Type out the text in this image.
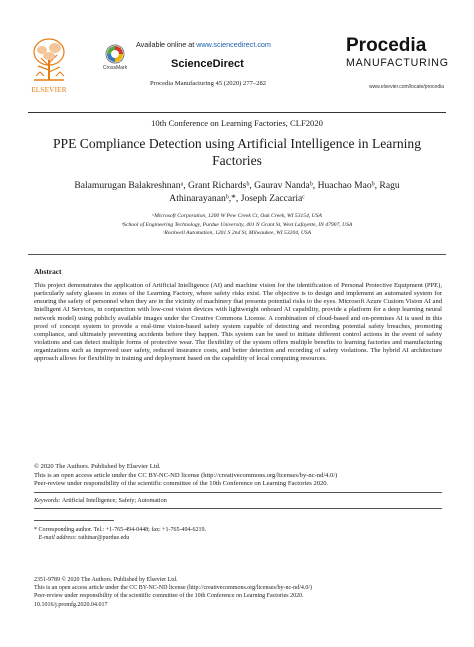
ELSEVIER
CrossMark
Available online at www.sciencedirect.com
ScienceDirect
Procedia Manufacturing 45 (2020) 277–282
Procedia
MANUFACTURING
www.elsevier.com/locate/procedia
10th Conference on Learning Factories, CLF2020
PPE Compliance Detection using Artificial Intelligence in Learning Factories
Balamurugan Balakreshnanᵃ, Grant Richardsᵇ, Gaurav Nandaᵇ, Huachao Maoᵇ, Ragu
Athinarayananᵇ,*, Joseph Zaccariaᶜ
ᵃMicrosoft Corporation, 1200 W Pew Creek Ct, Oak Creek, WI 53154, USA
ᵇSchool of Engineering Technology, Purdue University, 401 N Grant St, West Lafayette, IN 47907, USA
ᶜRockwell Automation, 1201 S 2nd St, Milwaukee, WI 53204, USA
Abstract

This project demonstrates the application of Artificial Intelligence (AI) and machine vision for the identification of Personal Protective Equipment (PPE), particularly safety glasses in zones of the Learning Factory, where safety risks exist. The objective is to design and implement an automated system for ensuring the safety of personnel when they are in the vicinity of machinery that presents potential risks to the eyes. Microsoft Azure Custom Vision AI and Intelligent AI Services, in conjunction with low-cost vision devices with lightweight onboard AI capability, provide a platform for a deep learning neural network model) using publicly available images under the Creative Commons License. A combination of cloud-based and on-premises AI is used in this proof of concept system to provide a real-time vision-based safety system capable of detecting and recording potential safety breaches, promoting compliance, and ultimately preventing accidents before they happen. This system can be used to initiate different control actions in the event of safety violations and can detect multiple forms of protective wear. The flexibility of the system offers multiple benefits to learning factories and manufacturing organizations such as improved user safety, reduced insurance costs, and better detection and recording of safety violations. The hybrid AI architecture approach allows for flexibility in training and deployment based on the capability of local computing resources.

© 2020 The Authors. Published by Elsevier Ltd.
This is an open access article under the CC BY-NC-ND license (http://creativecommons.org/licenses/by-nc-nd/4.0/)
Peer-review under responsibility of the scientific committee of the 10th Conference on Learning Factories 2020.
Keywords: Artificial Intelligence; Safety; Automation
* Corresponding author. Tel.: +1-765-494-0448; fax: +1-765-494-6219.
E-mail address: rathinar@purdue.edu
2351-9789 © 2020 The Authors. Published by Elsevier Ltd.
This is an open access article under the CC BY-NC-ND license (http://creativecommons.org/licenses/by-nc-nd/4.0/)
Peer-review under responsibility of the scientific committee of the 10th Conference on Learning Factories 2020.
10.1016/j.promfg.2020.04.017
